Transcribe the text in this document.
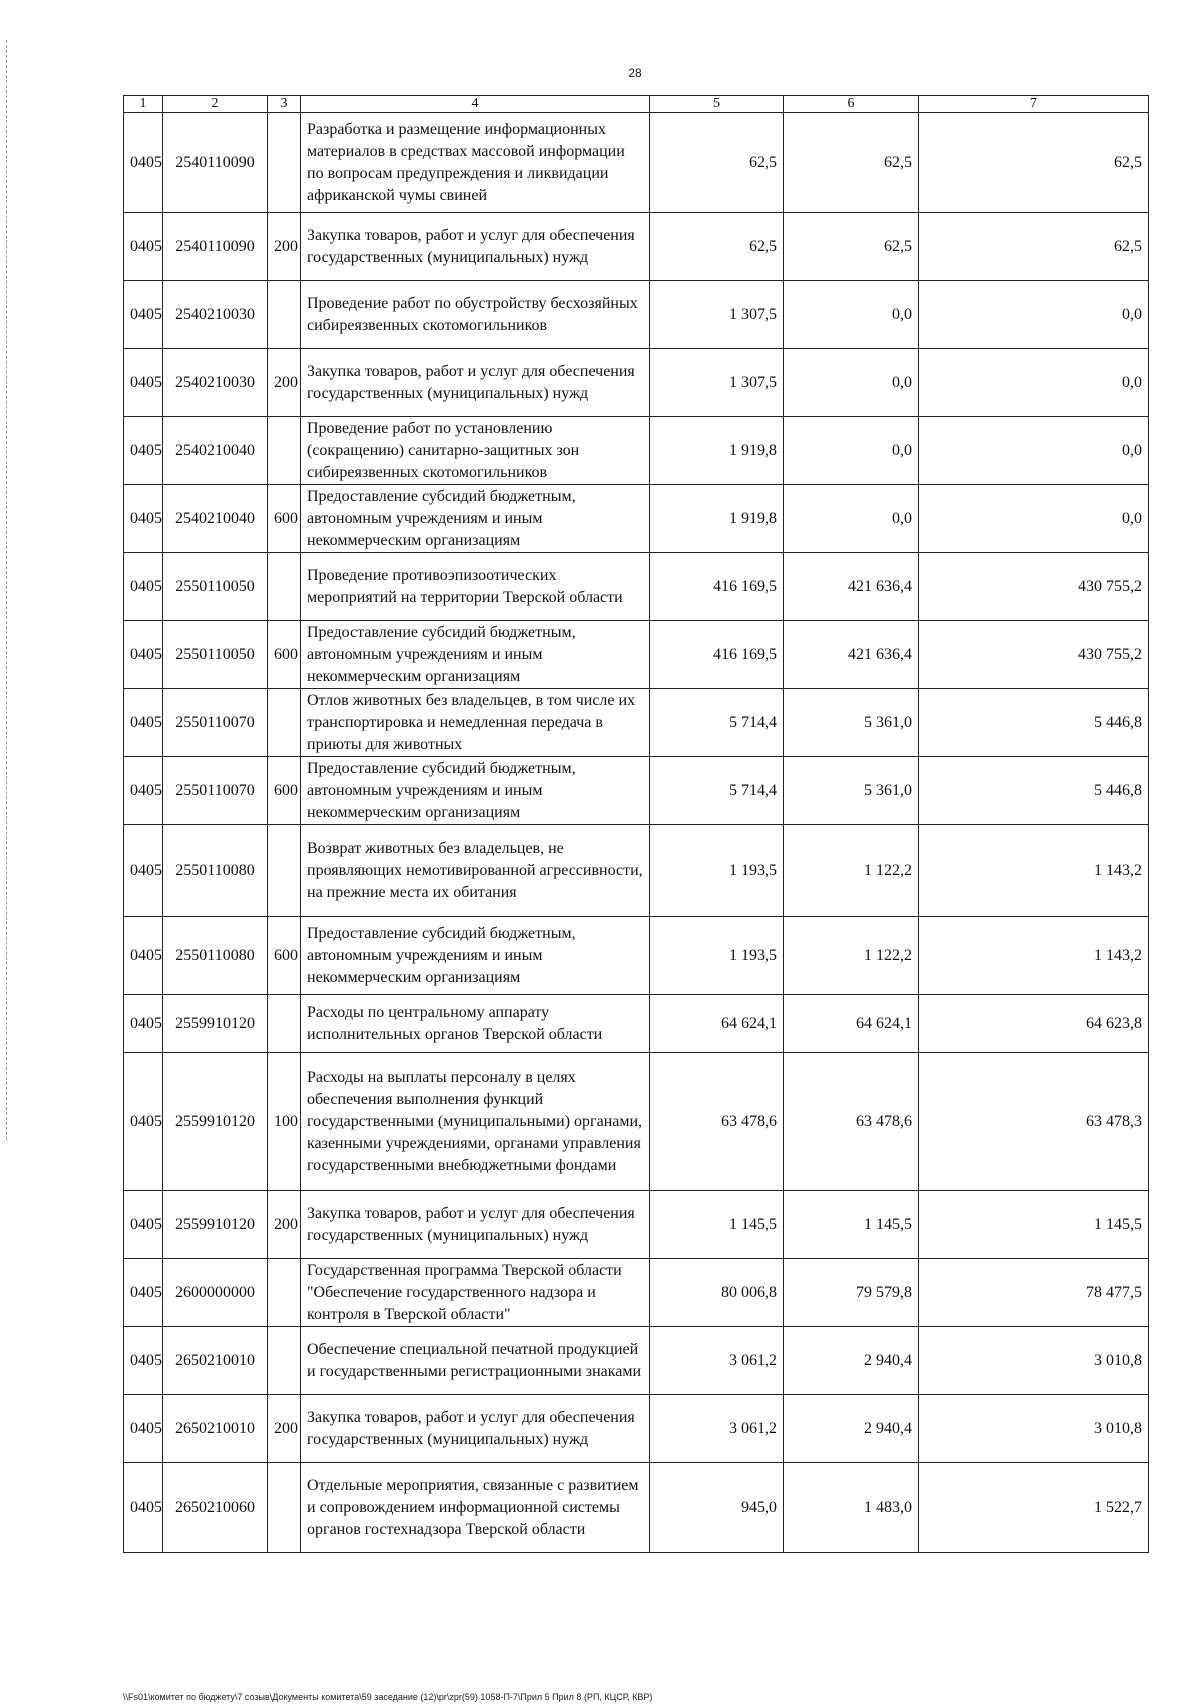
28
1	2	3	4	5	6	7
0405	2540110090		Разработка и размещение информационных материалов в средствах массовой информации по вопросам предупреждения и ликвидации африканской чумы свиней	62,5	62,5	62,5
0405	2540110090	200	Закупка товаров, работ и услуг для обеспечения государственных (муниципальных) нужд	62,5	62,5	62,5
0405	2540210030		Проведение работ по обустройству бесхозяйных сибиреязвенных скотомогильников	1 307,5	0,0	0,0
0405	2540210030	200	Закупка товаров, работ и услуг для обеспечения государственных (муниципальных) нужд	1 307,5	0,0	0,0
0405	2540210040		Проведение работ по установлению (сокращению) санитарно-защитных зон сибиреязвенных скотомогильников	1 919,8	0,0	0,0
0405	2540210040	600	Предоставление субсидий бюджетным, автономным учреждениям и иным некоммерческим организациям	1 919,8	0,0	0,0
0405	2550110050		Проведение противоэпизоотических мероприятий на территории Тверской области	416 169,5	421 636,4	430 755,2
0405	2550110050	600	Предоставление субсидий бюджетным, автономным учреждениям и иным некоммерческим организациям	416 169,5	421 636,4	430 755,2
0405	2550110070		Отлов животных без владельцев, в том числе их транспортировка и немедленная передача в приюты для животных	5 714,4	5 361,0	5 446,8
0405	2550110070	600	Предоставление субсидий бюджетным, автономным учреждениям и иным некоммерческим организациям	5 714,4	5 361,0	5 446,8
0405	2550110080		Возврат животных без владельцев, не проявляющих немотивированной агрессивности, на прежние места их обитания	1 193,5	1 122,2	1 143,2
0405	2550110080	600	Предоставление субсидий бюджетным, автономным учреждениям и иным некоммерческим организациям	1 193,5	1 122,2	1 143,2
0405	2559910120		Расходы по центральному аппарату исполнительных органов Тверской области	64 624,1	64 624,1	64 623,8
0405	2559910120	100	Расходы на выплаты персоналу в целях обеспечения выполнения функций государственными (муниципальными) органами, казенными учреждениями, органами управления государственными внебюджетными фондами	63 478,6	63 478,6	63 478,3
0405	2559910120	200	Закупка товаров, работ и услуг для обеспечения государственных (муниципальных) нужд	1 145,5	1 145,5	1 145,5
0405	2600000000		Государственная программа Тверской области "Обеспечение государственного надзора и контроля в Тверской области"	80 006,8	79 579,8	78 477,5
0405	2650210010		Обеспечение специальной печатной продукцией и государственными регистрационными знаками	3 061,2	2 940,4	3 010,8
0405	2650210010	200	Закупка товаров, работ и услуг для обеспечения государственных (муниципальных) нужд	3 061,2	2 940,4	3 010,8
0405	2650210060		Отдельные мероприятия, связанные с развитием и сопровождением информационной системы органов гостехнадзора Тверской области	945,0	1 483,0	1 522,7
\\Fs01\комитет по бюджету\7 созыв\Документы комитета\59 заседание (12)\pr\zpr(59) 1058-П-7\Прил 5 Прил 8 (РП, КЦСР, КВР)
